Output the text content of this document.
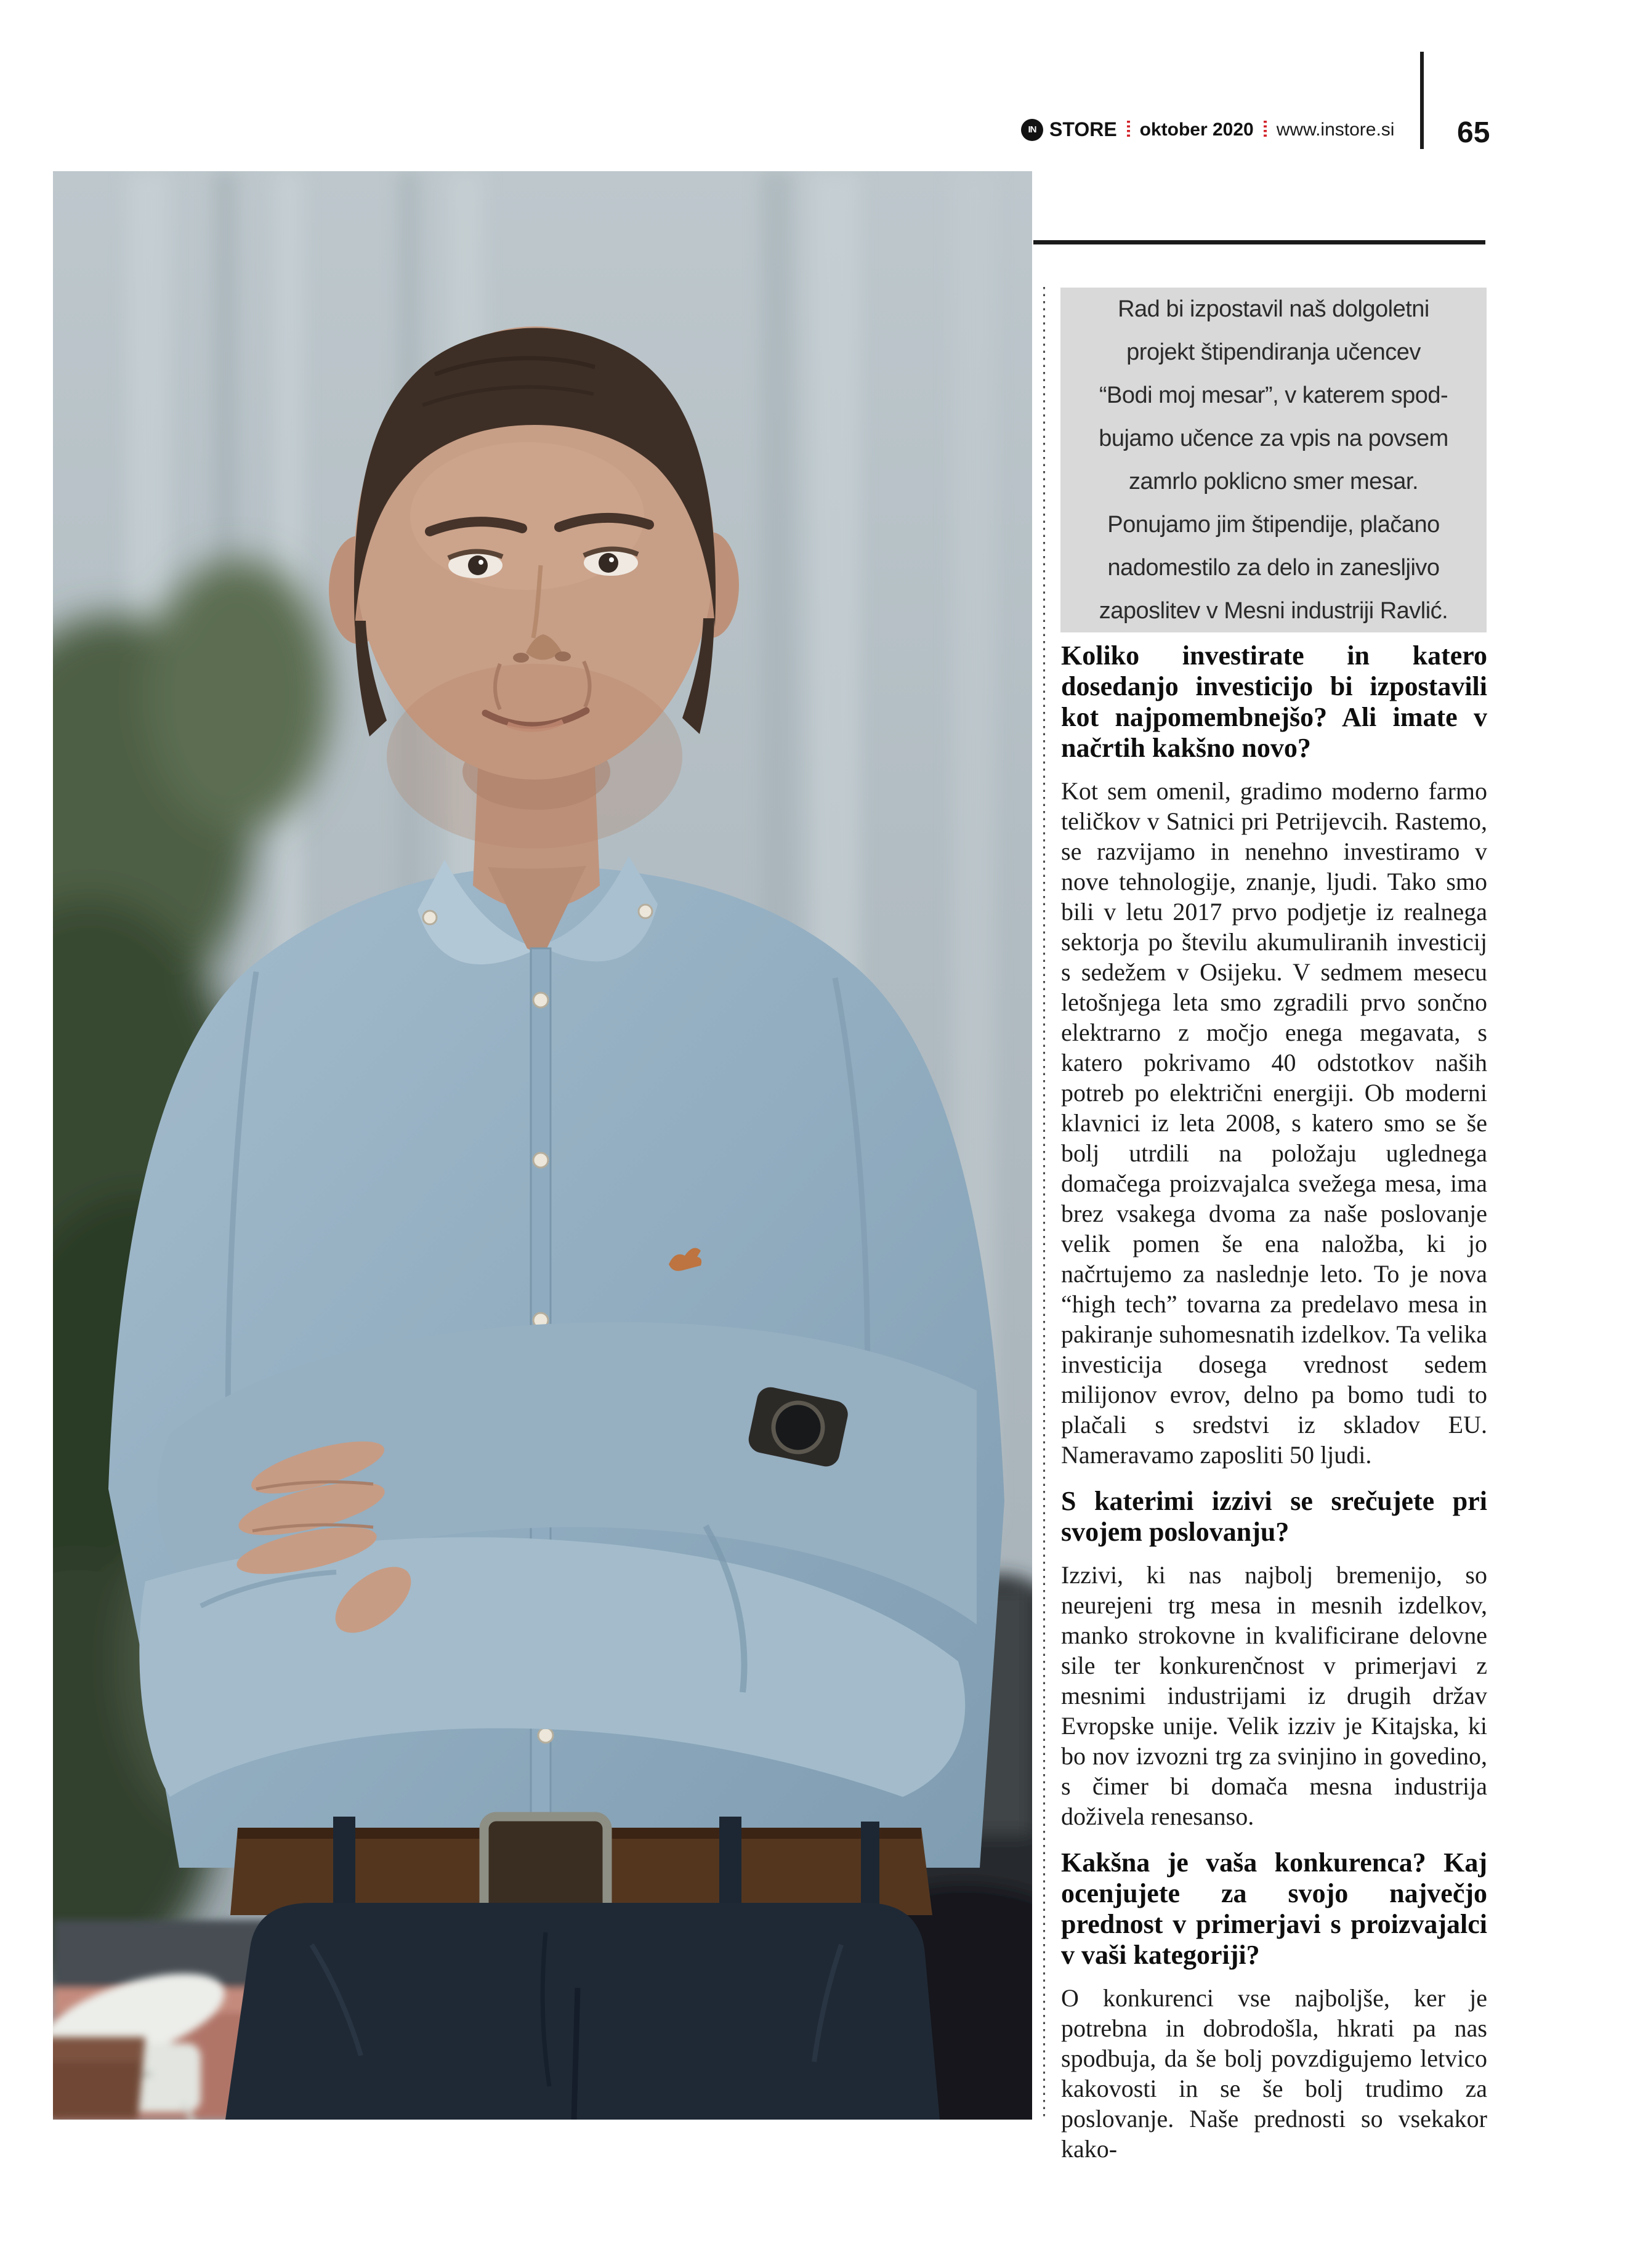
IN STORE oktober 2020 www.instore.si 65
Rad bi izpostavil naš dolgoletni
projekt štipendiranja učencev
“Bodi moj mesar”, v katerem spod-
bujamo učence za vpis na povsem
zamrlo poklicno smer mesar.
Ponujamo jim štipendije, plačano
nadomestilo za delo in zanesljivo
zaposlitev v Mesni industriji Ravlić.
Koliko investirate in katero dosedanjo investicijo bi izpostavili kot najpomembnejšo? Ali imate v načrtih kakšno novo?

Kot sem omenil, gradimo moderno farmo teličkov v Satnici pri Petrijevcih. Rastemo, se razvijamo in nenehno investiramo v nove tehnologije, znanje, ljudi. Tako smo bili v letu 2017 prvo podjetje iz realnega sektorja po številu akumuliranih investicij s sedežem v Osijeku. V sedmem mesecu letošnjega leta smo zgradili prvo sončno elektrarno z močjo enega megavata, s katero pokrivamo 40 odstotkov naših potreb po električni energiji. Ob moderni klavnici iz leta 2008, s katero smo se še bolj utrdili na položaju uglednega domačega proizvajalca svežega mesa, ima brez vsakega dvoma za naše poslovanje velik pomen še ena naložba, ki jo načrtujemo za naslednje leto. To je nova “high tech” tovarna za predelavo mesa in pakiranje suhomesnatih izdelkov. Ta velika investicija dosega vrednost sedem milijonov evrov, delno pa bomo tudi to plačali s sredstvi iz skladov EU. Nameravamo zaposliti 50 ljudi.

S katerimi izzivi se srečujete pri svojem poslovanju?

Izzivi, ki nas najbolj bremenijo, so neurejeni trg mesa in mesnih izdelkov, manko strokovne in kvalificirane delovne sile ter konkurenčnost v primerjavi z mesnimi industrijami iz drugih držav Evropske unije. Velik izziv je Kitajska, ki bo nov izvozni trg za svinjino in govedino, s čimer bi domača mesna industrija doživela renesanso.

Kakšna je vaša konkurenca? Kaj ocenjujete za svojo največjo prednost v primerjavi s proizvajalci v vaši kategoriji?

O konkurenci vse najboljše, ker je potrebna in dobrodošla, hkrati pa nas spodbuja, da še bolj povzdigujemo letvico kakovosti in se še bolj trudimo za poslovanje. Naše prednosti so vsekakor kako-
